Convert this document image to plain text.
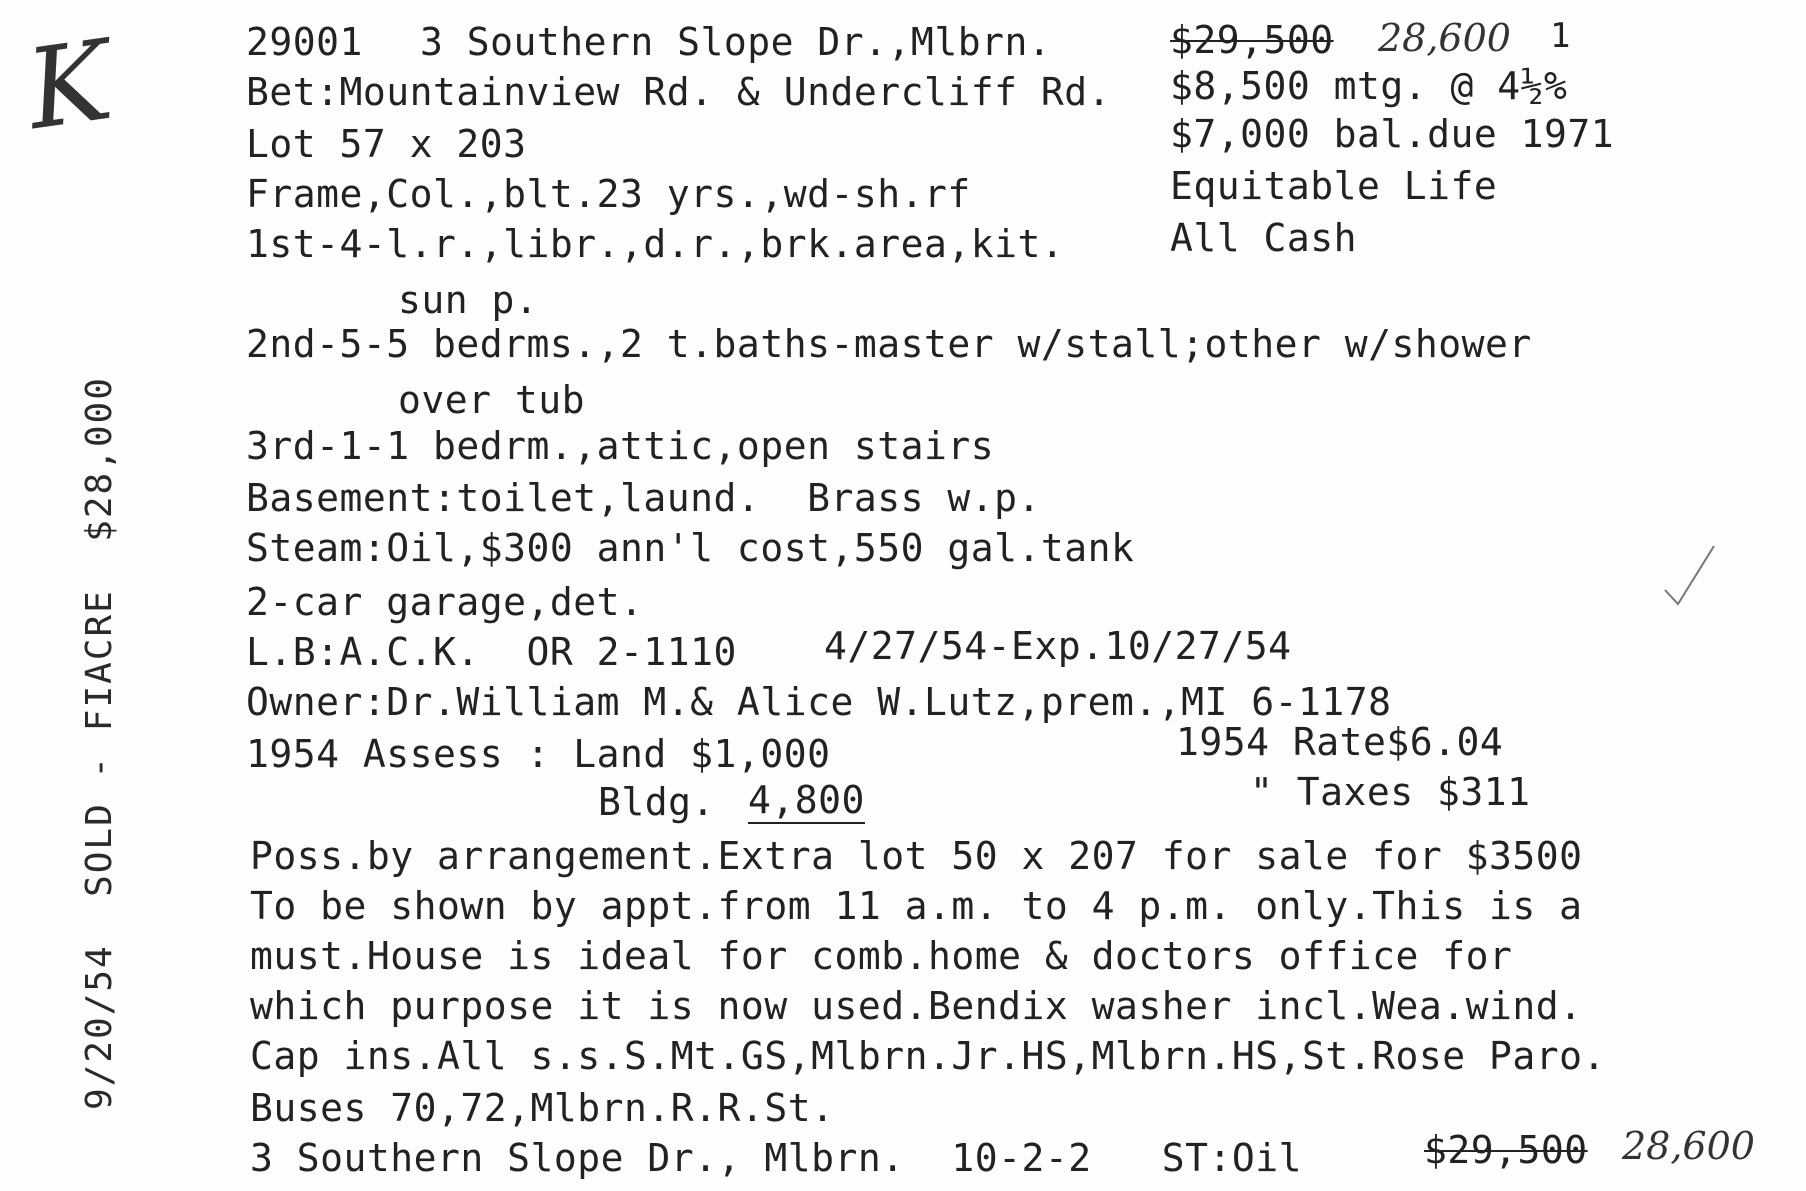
K
9/20/54  SOLD - FIACRE  $28,000
29001 3 Southern Slope Dr.,Mlbrn.	$29,500 28,600 1
Bet:Mountainview Rd. & Undercliff Rd. $8,500 mtg. @ 4½%
Lot 57 x 203	$7,000 bal.due 1971
Frame,Col.,blt.23 yrs.,wd-sh.rf	Equitable Life
1st-4-l.r.,libr.,d.r.,brk.area,kit.	All Cash
sun p.
2nd-5-5 bedrms.,2 t.baths-master w/stall;other w/shower
over tub
3rd-1-1 bedrm.,attic,open stairs
Basement:toilet,laund.  Brass w.p.
Steam:Oil,$300 ann'l cost,550 gal.tank
2-car garage,det.
L.B:A.C.K.  OR 2-1110 4/27/54-Exp.10/27/54
Owner:Dr.William M.& Alice W.Lutz,prem.,MI 6-1178
1954 Assess : Land $1,000	1954 Rate$6.04
Bldg. 4,800	" Taxes $311
Poss.by arrangement.Extra lot 50 x 207 for sale for $3500
To be shown by appt.from 11 a.m. to 4 p.m. only.This is a
must.House is ideal for comb.home & doctors office for
which purpose it is now used.Bendix washer incl.Wea.wind.
Cap ins.All s.s.S.Mt.GS,Mlbrn.Jr.HS,Mlbrn.HS,St.Rose Paro.
Buses 70,72,Mlbrn.R.R.St.
3 Southern Slope Dr., Mlbrn.  10-2-2   ST:Oil	$29,500 28,600
